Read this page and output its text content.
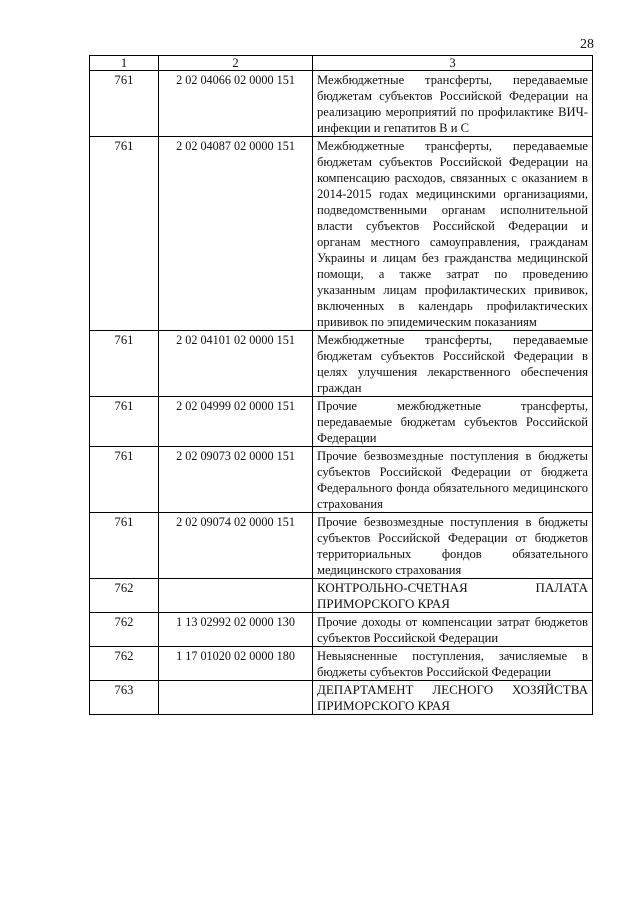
28
1	2	3
761	2 02 04066 02 0000 151	Межбюджетные трансферты, передаваемые бюджетам субъектов Российской Федерации на реализацию мероприятий по профилактике ВИЧ-инфекции и гепатитов В и С
761	2 02 04087 02 0000 151	Межбюджетные трансферты, передаваемые бюджетам субъектов Российской Федерации на компенсацию расходов, связанных с оказанием в 2014-2015 годах медицинскими организациями, подведомственными органам исполнительной власти субъектов Российской Федерации и органам местного самоуправления, гражданам Украины и лицам без гражданства медицинской помощи, а также затрат по проведению указанным лицам профилактических прививок, включенных в календарь профилактических прививок по эпидемическим показаниям
761	2 02 04101 02 0000 151	Межбюджетные трансферты, передаваемые бюджетам субъектов Российской Федерации в целях улучшения лекарственного обеспечения граждан
761	2 02 04999 02 0000 151	Прочие межбюджетные трансферты, передаваемые бюджетам субъектов Российской Федерации
761	2 02 09073 02 0000 151	Прочие безвозмездные поступления в бюджеты субъектов Российской Федерации от бюджета Федерального фонда обязательного медицинского страхования
761	2 02 09074 02 0000 151	Прочие безвозмездные поступления в бюджеты субъектов Российской Федерации от бюджетов территориальных фондов обязательного медицинского страхования
762		КОНТРОЛЬНО-СЧЕТНАЯ ПАЛАТА ПРИМОРСКОГО КРАЯ
762	1 13 02992 02 0000 130	Прочие доходы от компенсации затрат бюджетов субъектов Российской Федерации
762	1 17 01020 02 0000 180	Невыясненные поступления, зачисляемые в бюджеты субъектов Российской Федерации
763		ДЕПАРТАМЕНТ ЛЕСНОГО ХОЗЯЙСТВА ПРИМОРСКОГО КРАЯ
